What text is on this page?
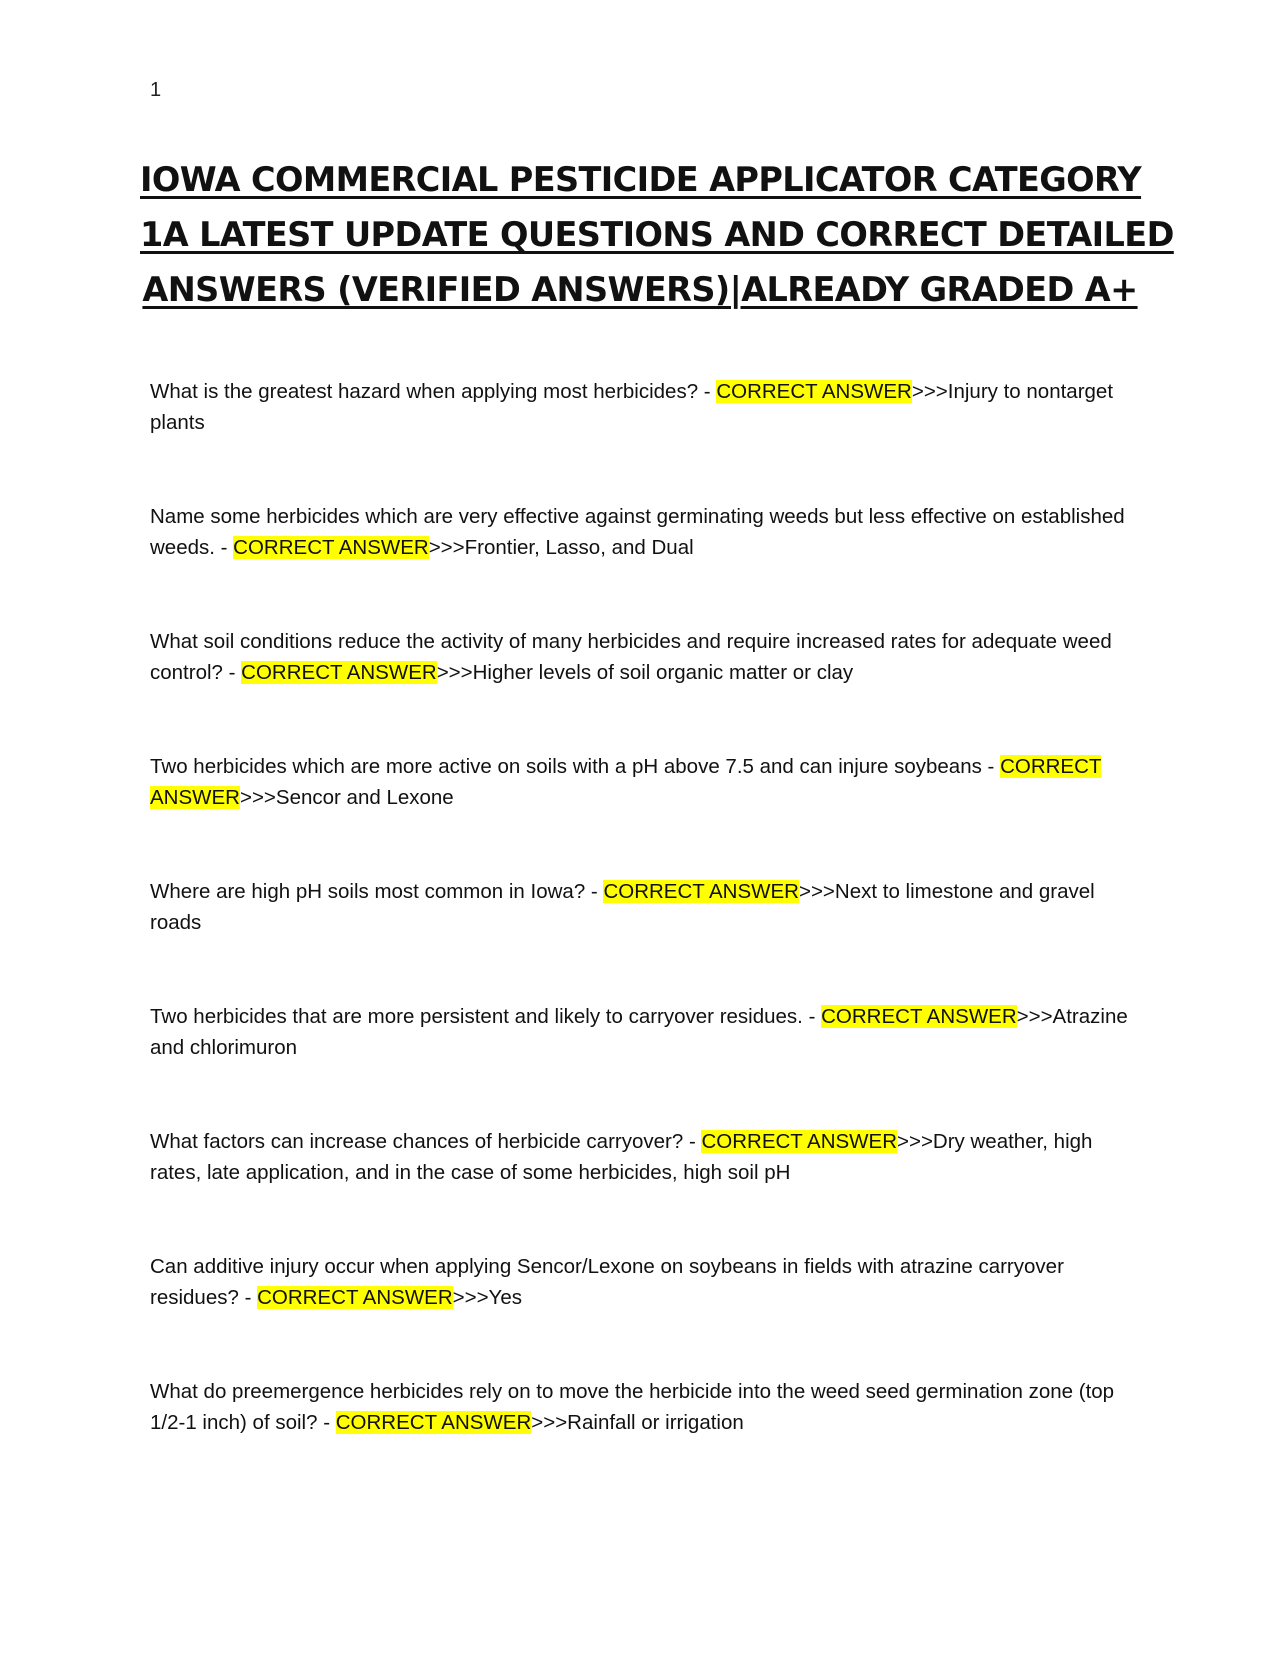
1
IOWA COMMERCIAL PESTICIDE APPLICATOR CATEGORY
1A LATEST UPDATE QUESTIONS AND CORRECT DETAILED
ANSWERS (VERIFIED ANSWERS)|ALREADY GRADED A+

What is the greatest hazard when applying most herbicides? - CORRECT ANSWER>>>Injury to nontarget plants

Name some herbicides which are very effective against germinating weeds but less effective on established weeds. - CORRECT ANSWER>>>Frontier, Lasso, and Dual

What soil conditions reduce the activity of many herbicides and require increased rates for adequate weed control? - CORRECT ANSWER>>>Higher levels of soil organic matter or clay

Two herbicides which are more active on soils with a pH above 7.5 and can injure soybeans - CORRECT ANSWER>>>Sencor and Lexone

Where are high pH soils most common in Iowa? - CORRECT ANSWER>>>Next to limestone and gravel roads

Two herbicides that are more persistent and likely to carryover residues. - CORRECT ANSWER>>>Atrazine and chlorimuron

What factors can increase chances of herbicide carryover? - CORRECT ANSWER>>>Dry weather, high rates, late application, and in the case of some herbicides, high soil pH

Can additive injury occur when applying Sencor/Lexone on soybeans in fields with atrazine carryover residues? - CORRECT ANSWER>>>Yes

What do preemergence herbicides rely on to move the herbicide into the weed seed germination zone (top 1/2-1 inch) of soil? - CORRECT ANSWER>>>Rainfall or irrigation
